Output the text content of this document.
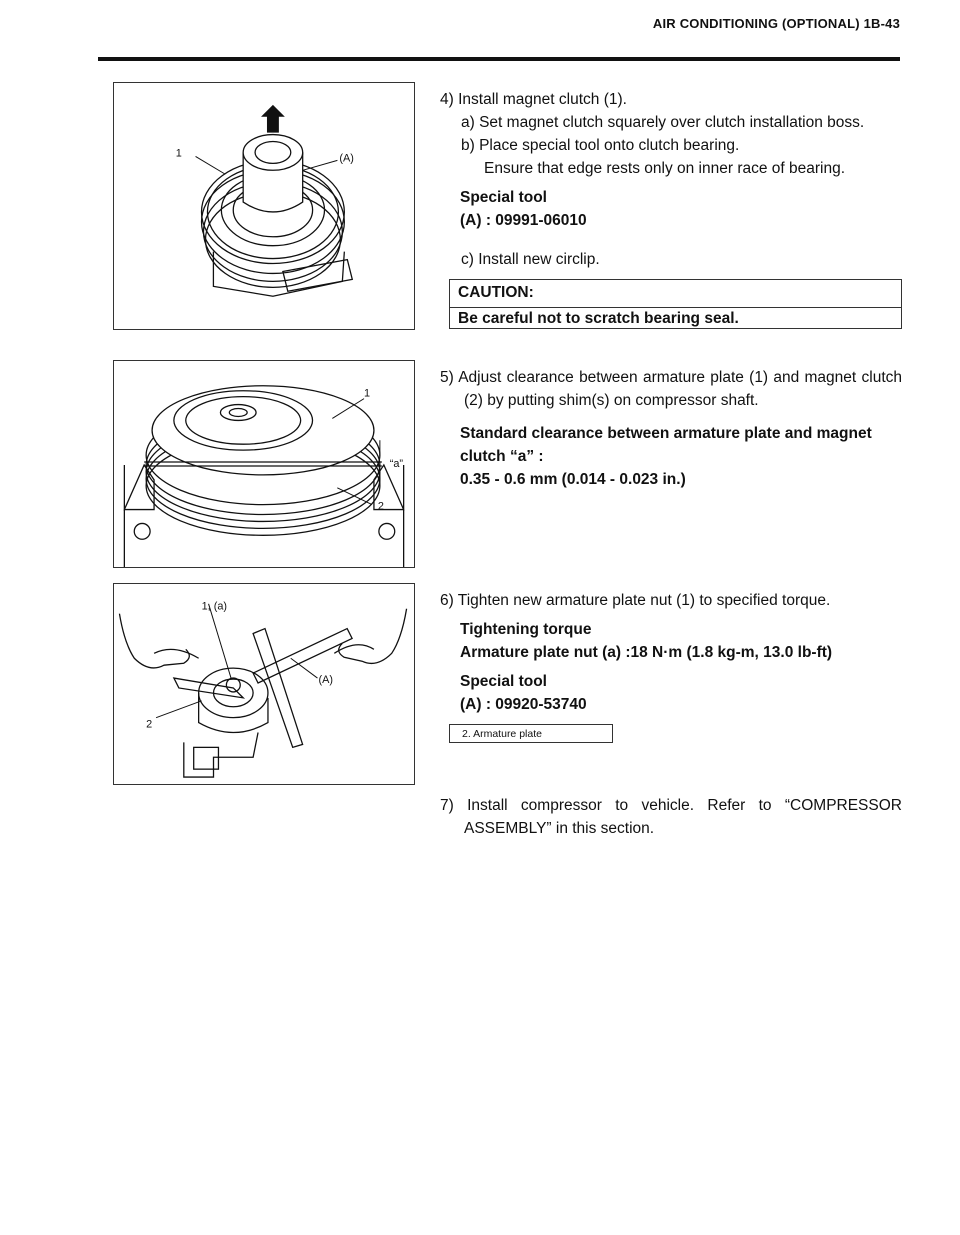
AIR CONDITIONING (OPTIONAL) 1B-43
1	(A)

4) Install magnet clutch (1).

a) Set magnet clutch squarely over clutch installation boss.

b) Place special tool onto clutch bearing.

Ensure that edge rests only on inner race of bearing.

Special tool

(A) : 09991-06010

c) Install new circlip.

CAUTION:
Be careful not to scratch bearing seal.
1
“a”
2

5) Adjust clearance between armature plate (1) and magnet clutch (2) by putting shim(s) on compressor shaft.

Standard clearance between armature plate and magnet

clutch “a” :

0.35 - 0.6 mm (0.014 - 0.023 in.)

1, (a)
(A)
2

6) Tighten new armature plate nut (1) to specified torque.

Tightening torque

Armature plate nut (a) :18 N·m (1.8 kg-m, 13.0 lb-ft)

Special tool

(A) : 09920-53740

2. Armature plate

7) Install compressor to vehicle. Refer to “COMPRESSOR ASSEMBLY” in this section.
